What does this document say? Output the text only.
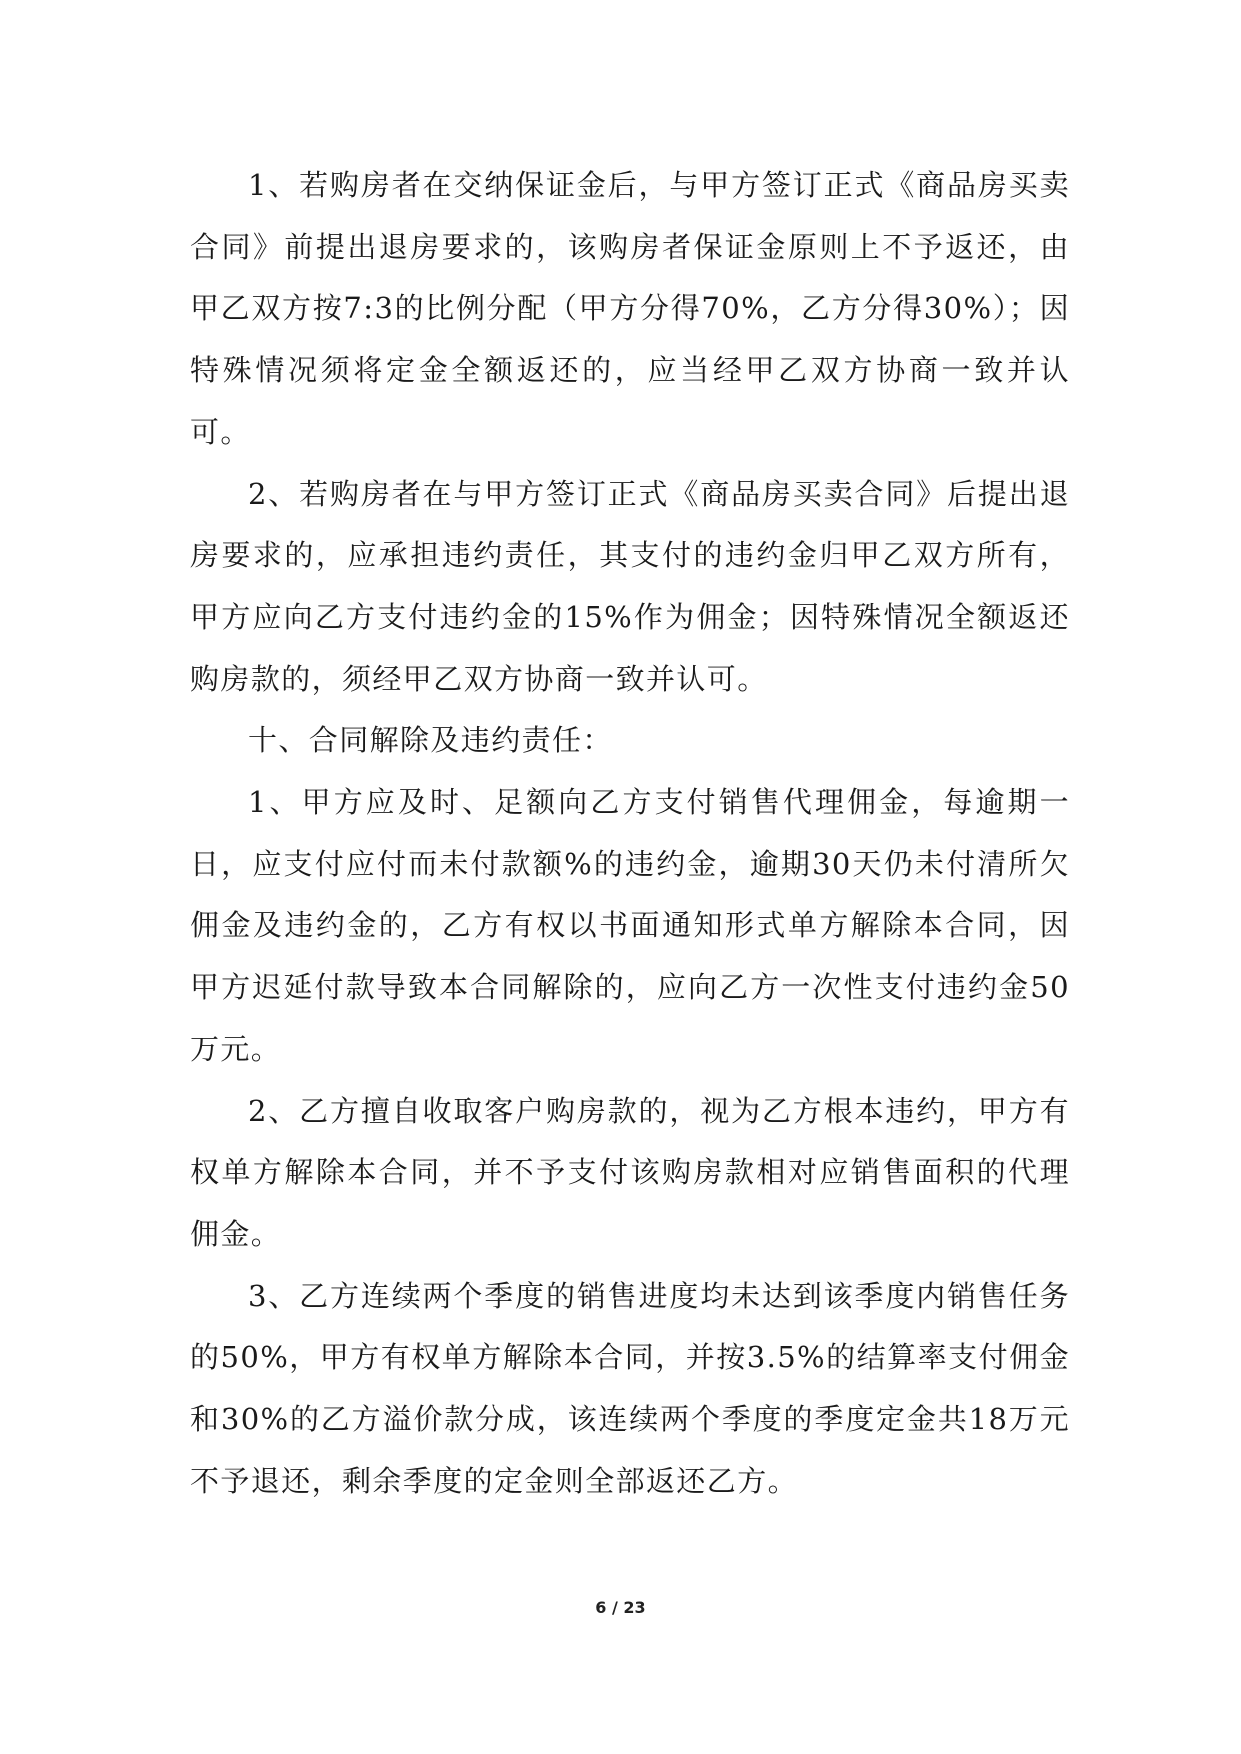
1、若购房者在交纳保证金后，与甲方签订正式《商品房买卖合同》前提出退房要求的，该购房者保证金原则上不予返还，由甲乙双方按7:3的比例分配（甲方分得70%，乙方分得30%）；因特殊情况须将定金全额返还的，应当经甲乙双方协商一致并认可。

2、若购房者在与甲方签订正式《商品房买卖合同》后提出退房要求的，应承担违约责任，其支付的违约金归甲乙双方所有，甲方应向乙方支付违约金的15%作为佣金；因特殊情况全额返还购房款的，须经甲乙双方协商一致并认可。

十、合同解除及违约责任：

1、甲方应及时、足额向乙方支付销售代理佣金，每逾期一日，应支付应付而未付款额%的违约金，逾期30天仍未付清所欠佣金及违约金的，乙方有权以书面通知形式单方解除本合同，因甲方迟延付款导致本合同解除的，应向乙方一次性支付违约金50万元。

2、乙方擅自收取客户购房款的，视为乙方根本违约，甲方有权单方解除本合同，并不予支付该购房款相对应销售面积的代理佣金。

3、乙方连续两个季度的销售进度均未达到该季度内销售任务的50%，甲方有权单方解除本合同，并按3.5%的结算率支付佣金和30%的乙方溢价款分成，该连续两个季度的季度定金共18万元不予退还，剩余季度的定金则全部返还乙方。

6 / 23
